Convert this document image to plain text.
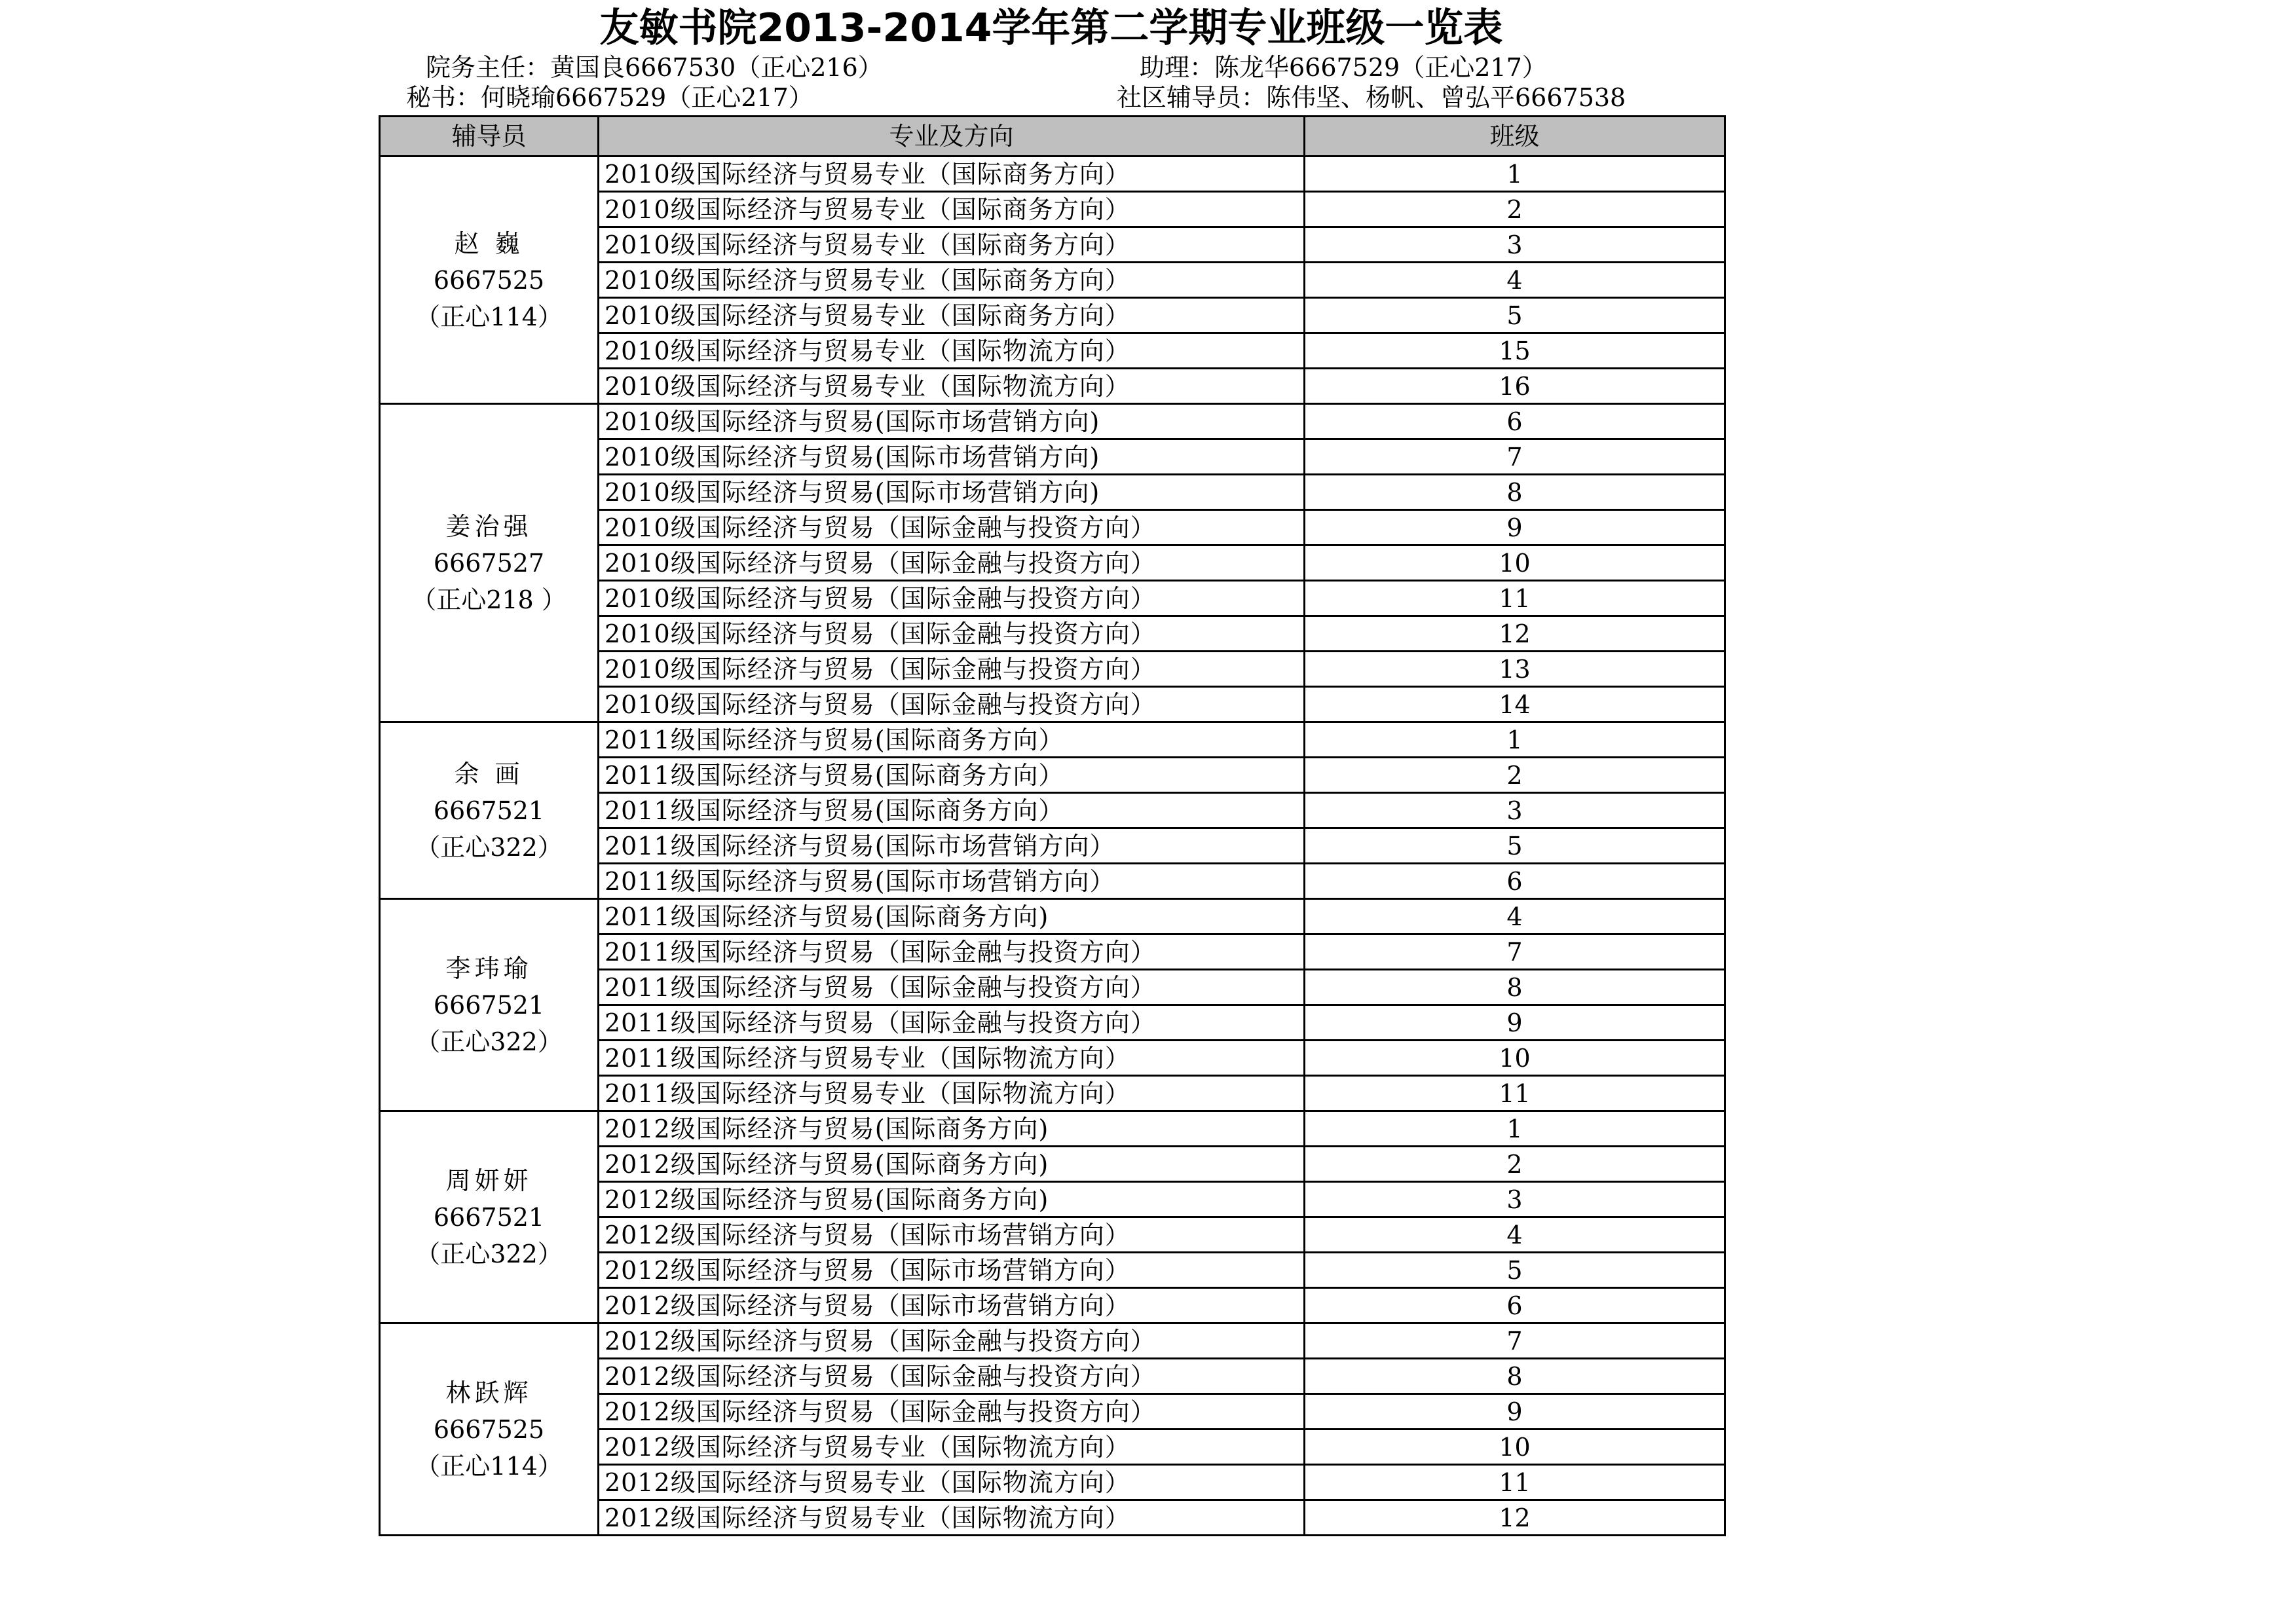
友敏书院2013-2014学年第二学期专业班级一览表
院务主任：黄国良6667530（正心216）	助理：陈龙华6667529（正心217）
秘书：何晓瑜6667529（正心217）	社区辅导员：陈伟坚、杨帆、曾弘平6667538
辅导员	专业及方向	班级

赵 巍
6667525
（正心114）	2010级国际经济与贸易专业（国际商务方向）	1
	2010级国际经济与贸易专业（国际商务方向）	2
	2010级国际经济与贸易专业（国际商务方向）	3
	2010级国际经济与贸易专业（国际商务方向）	4
	2010级国际经济与贸易专业（国际商务方向）	5
	2010级国际经济与贸易专业（国际物流方向）	15
	2010级国际经济与贸易专业（国际物流方向）	16

姜治强
6667527
（正心218 ）	2010级国际经济与贸易(国际市场营销方向)	6
	2010级国际经济与贸易(国际市场营销方向)	7
	2010级国际经济与贸易(国际市场营销方向)	8
	2010级国际经济与贸易（国际金融与投资方向）	9
	2010级国际经济与贸易（国际金融与投资方向）	10
	2010级国际经济与贸易（国际金融与投资方向）	11
	2010级国际经济与贸易（国际金融与投资方向）	12
	2010级国际经济与贸易（国际金融与投资方向）	13
	2010级国际经济与贸易（国际金融与投资方向）	14

余 画
6667521
（正心322）	2011级国际经济与贸易(国际商务方向）	1
	2011级国际经济与贸易(国际商务方向）	2
	2011级国际经济与贸易(国际商务方向）	3
	2011级国际经济与贸易(国际市场营销方向）	5
	2011级国际经济与贸易(国际市场营销方向）	6

李玮瑜
6667521
（正心322）	2011级国际经济与贸易(国际商务方向)	4
	2011级国际经济与贸易（国际金融与投资方向）	7
	2011级国际经济与贸易（国际金融与投资方向）	8
	2011级国际经济与贸易（国际金融与投资方向）	9
	2011级国际经济与贸易专业（国际物流方向）	10
	2011级国际经济与贸易专业（国际物流方向）	11

周妍妍
6667521
（正心322）	2012级国际经济与贸易(国际商务方向)	1
	2012级国际经济与贸易(国际商务方向)	2
	2012级国际经济与贸易(国际商务方向)	3
	2012级国际经济与贸易（国际市场营销方向）	4
	2012级国际经济与贸易（国际市场营销方向）	5
	2012级国际经济与贸易（国际市场营销方向）	6

林跃辉
6667525
（正心114）	2012级国际经济与贸易（国际金融与投资方向）	7
	2012级国际经济与贸易（国际金融与投资方向）	8
	2012级国际经济与贸易（国际金融与投资方向）	9
	2012级国际经济与贸易专业（国际物流方向）	10
	2012级国际经济与贸易专业（国际物流方向）	11
	2012级国际经济与贸易专业（国际物流方向）	12
